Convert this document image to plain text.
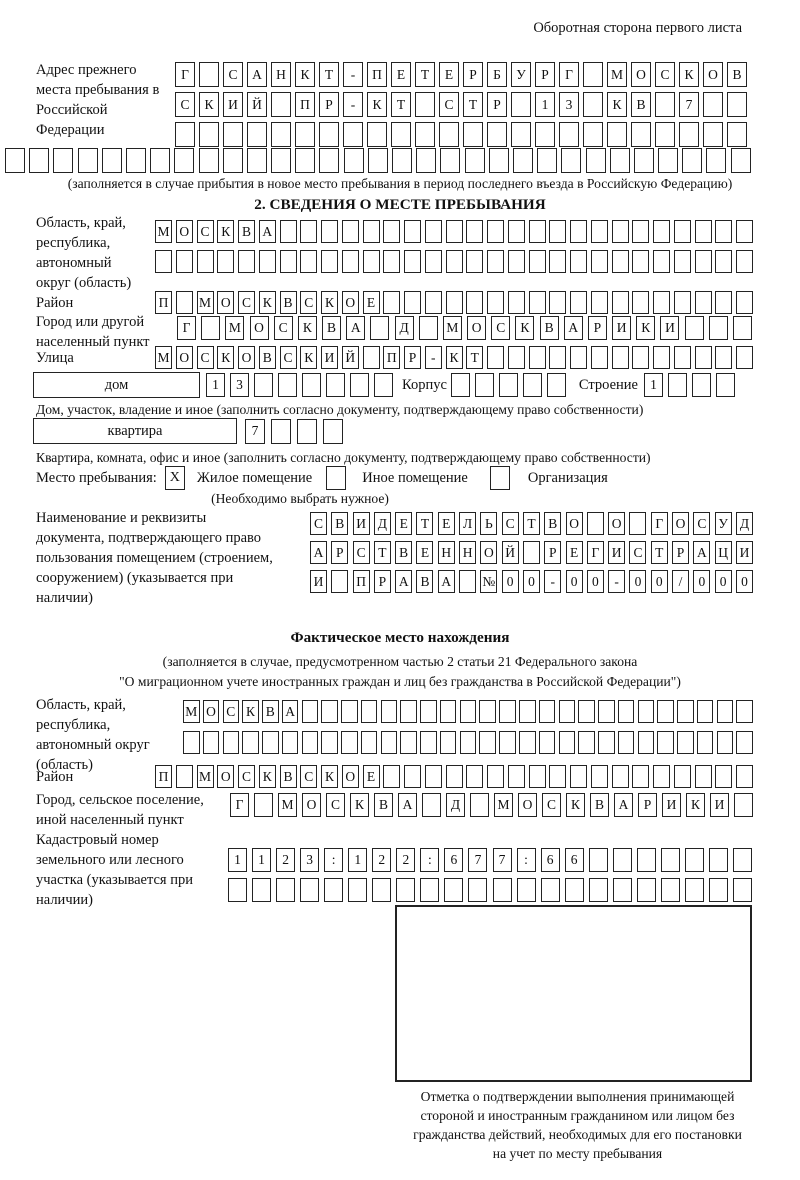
Оборотная сторона первого листа
Адрес прежнего места пребывания в Российской Федерации
Г	С	А	Н	К	Т	-	П	Е	Т	Е	Р	Б	У	Р	Г	М О	С	К	О	В
С	К	И	Й	П	Р	-	К	Т	С	Т	Р	1	3	К	В	7
(заполняется в случае прибытия в новое место пребывания в период последнего въезда в Российскую Федерацию)
2. СВЕДЕНИЯ О МЕСТЕ ПРЕБЫВАНИЯ
Область, край, республика, автономный округ (область)
М О С К В А
Район	П М О С К В С К О Е
Город или другой населенный пункт
Г	М О	С	К	В	А	Д	М О	С	К	В	А	Р	И	К	И
Улица	М О С К О В С К И Й П Р	-	К Т
дом	1	3	Корпус	Строение 1
Дом, участок, владение и иное (заполнить согласно документу, подтверждающему право собственности)
квартира	7
Квартира, комната, офис и иное (заполнить согласно документу, подтверждающему право собственности)
Место пребывания: X	Жилое помещение	Иное помещение	Организация
(Необходимо выбрать нужное)
Наименование и реквизиты документа, подтверждающего право пользования помещением (строением, сооружением) (указывается при наличии)
С В И Д Е Т Е Л Ь С Т В О О	Г О С У Д
А Р С Т В Е Н Н О Й	Р Е Г И С Т Р А Ц И
И П Р А В А № 0	0	-	0	0	-	0	0	/	0	0	0
Фактическое место нахождения
(заполняется в случае, предусмотренном частью 2 статьи 21 Федерального закона
"О миграционном учете иностранных граждан и лиц без гражданства в Российской Федерации")
Область, край, республика, автономный округ (область)
М О С К В А
Район	П М О С К В С К О Е
Город, сельское поселение, иной населенный пункт
Г	М О	С	К	В	А	Д	М О	С	К	В	А	Р	И	К	И
Кадастровый номер земельного или лесного участка (указывается при наличии)
1	1	2	3	:	1	2	2	:	6	7	7	:	6	6
Отметка о подтверждении выполнения принимающей
стороной и иностранным гражданином или лицом без
гражданства действий, необходимых для его постановки
на учет по месту пребывания
